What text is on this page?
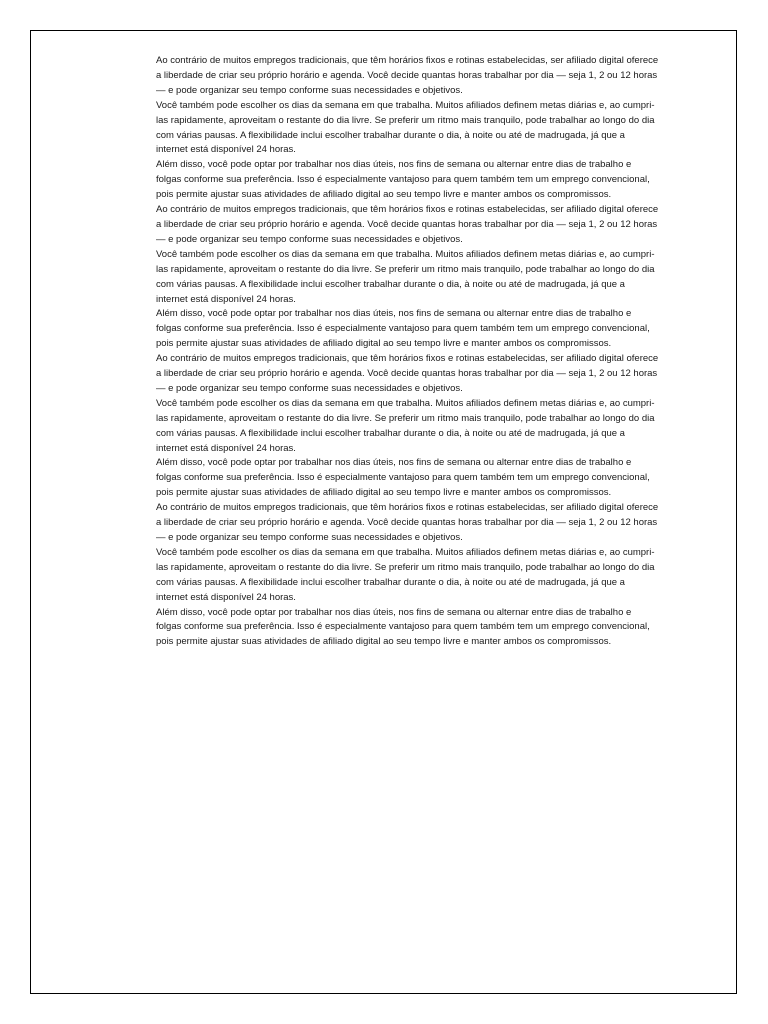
Ao contrário de muitos empregos tradicionais, que têm horários fixos e rotinas estabelecidas, ser afiliado digital oferece a liberdade de criar seu próprio horário e agenda. Você decide quantas horas trabalhar por dia — seja 1, 2 ou 12 horas — e pode organizar seu tempo conforme suas necessidades e objetivos.

Você também pode escolher os dias da semana em que trabalha. Muitos afiliados definem metas diárias e, ao cumpri-las rapidamente, aproveitam o restante do dia livre. Se preferir um ritmo mais tranquilo, pode trabalhar ao longo do dia com várias pausas. A flexibilidade inclui escolher trabalhar durante o dia, à noite ou até de madrugada, já que a internet está disponível 24 horas.

Além disso, você pode optar por trabalhar nos dias úteis, nos fins de semana ou alternar entre dias de trabalho e folgas conforme sua preferência. Isso é especialmente vantajoso para quem também tem um emprego convencional, pois permite ajustar suas atividades de afiliado digital ao seu tempo livre e manter ambos os compromissos.

Ao contrário de muitos empregos tradicionais, que têm horários fixos e rotinas estabelecidas, ser afiliado digital oferece a liberdade de criar seu próprio horário e agenda. Você decide quantas horas trabalhar por dia — seja 1, 2 ou 12 horas — e pode organizar seu tempo conforme suas necessidades e objetivos.

Você também pode escolher os dias da semana em que trabalha. Muitos afiliados definem metas diárias e, ao cumpri-las rapidamente, aproveitam o restante do dia livre. Se preferir um ritmo mais tranquilo, pode trabalhar ao longo do dia com várias pausas. A flexibilidade inclui escolher trabalhar durante o dia, à noite ou até de madrugada, já que a internet está disponível 24 horas.

Além disso, você pode optar por trabalhar nos dias úteis, nos fins de semana ou alternar entre dias de trabalho e folgas conforme sua preferência. Isso é especialmente vantajoso para quem também tem um emprego convencional, pois permite ajustar suas atividades de afiliado digital ao seu tempo livre e manter ambos os compromissos.

Ao contrário de muitos empregos tradicionais, que têm horários fixos e rotinas estabelecidas, ser afiliado digital oferece a liberdade de criar seu próprio horário e agenda. Você decide quantas horas trabalhar por dia — seja 1, 2 ou 12 horas — e pode organizar seu tempo conforme suas necessidades e objetivos.

Você também pode escolher os dias da semana em que trabalha. Muitos afiliados definem metas diárias e, ao cumpri-las rapidamente, aproveitam o restante do dia livre. Se preferir um ritmo mais tranquilo, pode trabalhar ao longo do dia com várias pausas. A flexibilidade inclui escolher trabalhar durante o dia, à noite ou até de madrugada, já que a internet está disponível 24 horas.

Além disso, você pode optar por trabalhar nos dias úteis, nos fins de semana ou alternar entre dias de trabalho e folgas conforme sua preferência. Isso é especialmente vantajoso para quem também tem um emprego convencional, pois permite ajustar suas atividades de afiliado digital ao seu tempo livre e manter ambos os compromissos.

Ao contrário de muitos empregos tradicionais, que têm horários fixos e rotinas estabelecidas, ser afiliado digital oferece a liberdade de criar seu próprio horário e agenda. Você decide quantas horas trabalhar por dia — seja 1, 2 ou 12 horas — e pode organizar seu tempo conforme suas necessidades e objetivos.

Você também pode escolher os dias da semana em que trabalha. Muitos afiliados definem metas diárias e, ao cumpri-las rapidamente, aproveitam o restante do dia livre. Se preferir um ritmo mais tranquilo, pode trabalhar ao longo do dia com várias pausas. A flexibilidade inclui escolher trabalhar durante o dia, à noite ou até de madrugada, já que a internet está disponível 24 horas.

Além disso, você pode optar por trabalhar nos dias úteis, nos fins de semana ou alternar entre dias de trabalho e folgas conforme sua preferência. Isso é especialmente vantajoso para quem também tem um emprego convencional, pois permite ajustar suas atividades de afiliado digital ao seu tempo livre e manter ambos os compromissos.
